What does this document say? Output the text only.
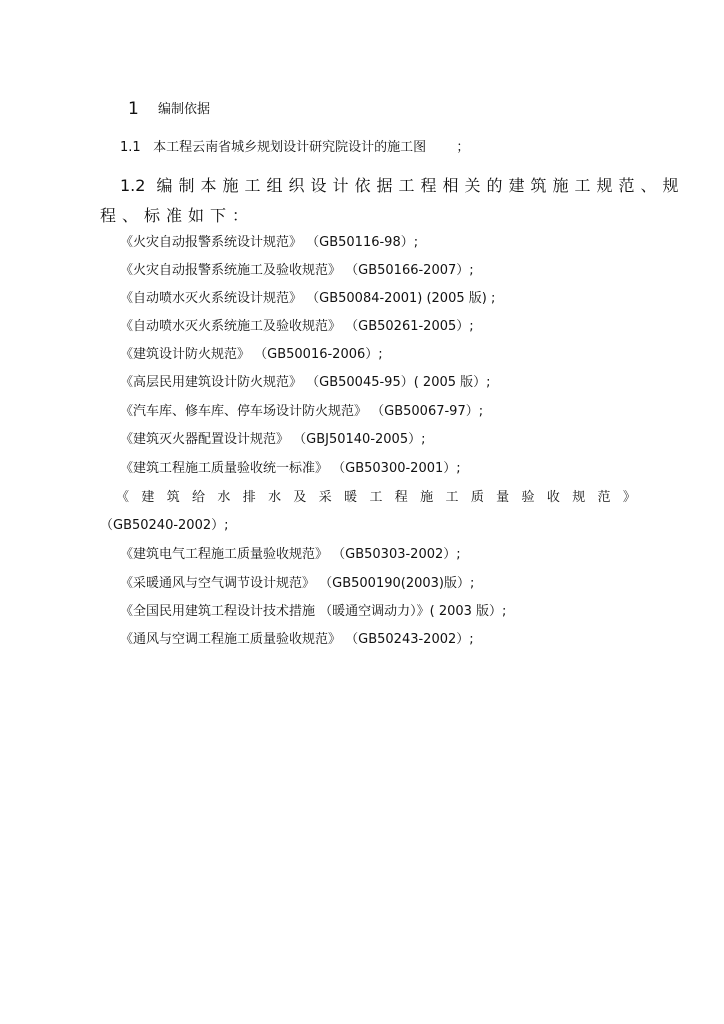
1 编制依据
1.1 本工程云南省城乡规划设计研究院设计的施工图 ；
1.2 编制本施工组织设计依据工程相关的建筑施工规范、规
程、标准如下：
《火灾自动报警系统设计规范》 （GB50116-98）;
《火灾自动报警系统施工及验收规范》 （GB50166-2007）;
《自动喷水灭火系统设计规范》 （GB50084-2001) (2005 版) ;
《自动喷水灭火系统施工及验收规范》 （GB50261-2005）;
《建筑设计防火规范》 （GB50016-2006）;
《高层民用建筑设计防火规范》 （GB50045-95）( 2005 版）;
《汽车库、修车库、停车场设计防火规范》 （GB50067-97）;
《建筑灭火器配置设计规范》 （GBJ50140-2005）;
《建筑工程施工质量验收统一标准》 （GB50300-2001）;
《 建 筑 给 水 排 水 及 采 暖 工 程 施 工 质 量 验 收 规 范 》
（GB50240-2002）;
《建筑电气工程施工质量验收规范》 （GB50303-2002）;
《采暖通风与空气调节设计规范》 （GB500190(2003)版）;
《全国民用建筑工程设计技术措施 （暖通空调动力）》( 2003 版）;
《通风与空调工程施工质量验收规范》 （GB50243-2002）;
